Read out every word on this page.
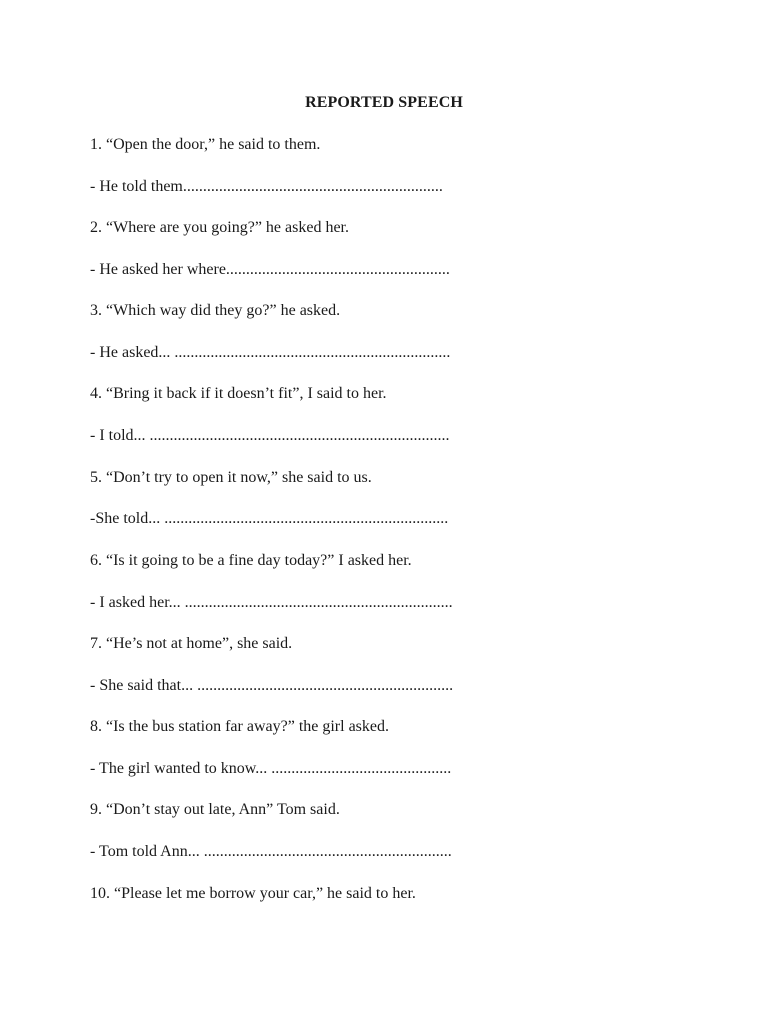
REPORTED SPEECH
1. “Open the door,” he said to them.
- He told them.................................................................
2. “Where are you going?” he asked her.
- He asked her where........................................................
3. “Which way did they go?” he asked.
- He asked... .....................................................................
4. “Bring it back if it doesn’t fit”, I said to her.
- I told... ...........................................................................
5. “Don’t try to open it now,” she said to us.
-She told... .......................................................................
6. “Is it going to be a fine day today?” I asked her.
- I asked her... ...................................................................
7. “He’s not at home”, she said.
- She said that... ................................................................
8. “Is the bus station far away?” the girl asked.
- The girl wanted to know... .............................................
9. “Don’t stay out late, Ann” Tom said.
- Tom told Ann... ..............................................................
10. “Please let me borrow your car,” he said to her.
